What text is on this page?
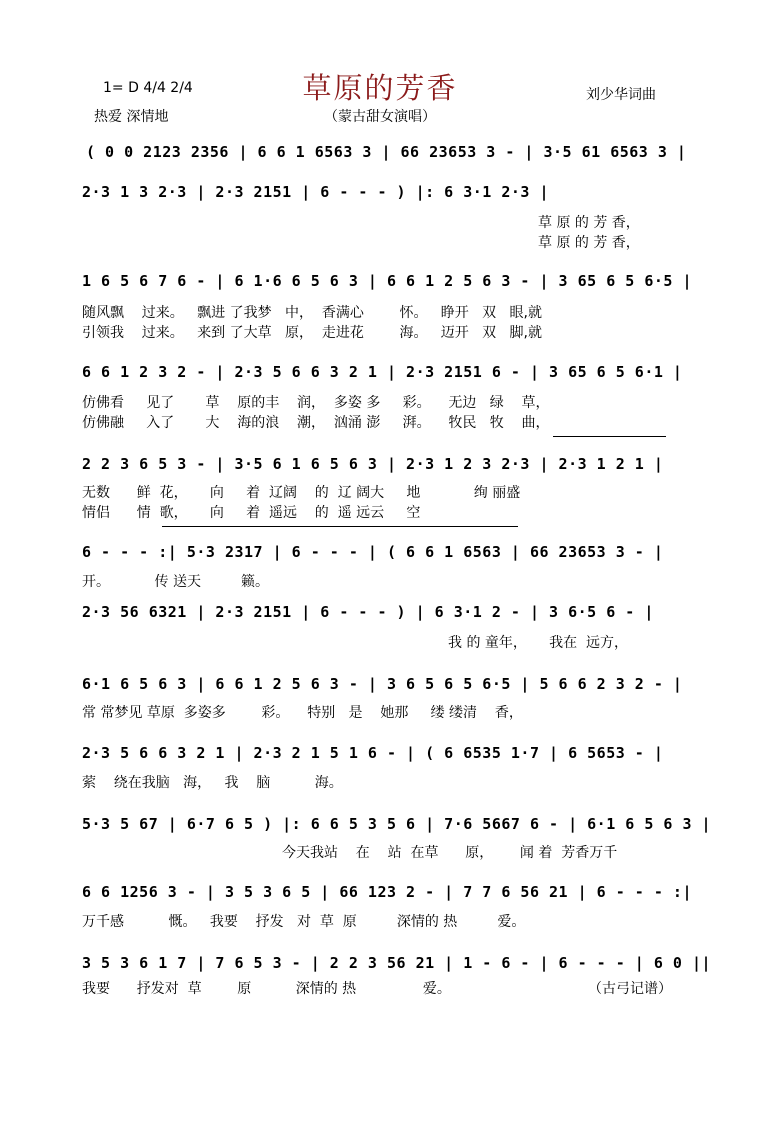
草原的芳香
（蒙古甜女演唱）
1= D 4/4 2/4
热爱 深情地
刘少华词曲
( 0 0 2123 2356 | 6 6 1 6563 3 | 66 23653 3 - | 3·5 61 6563 3 |
2·3 1 3 2·3 | 2·3 2151 | 6 - - - ) |: 6 3·1 2·3 |
1 6 5 6 7 6 - | 6 1·6 6 5 6 3 | 6 6 1 2 5 6 3 - | 3 65 6 5 6·5 |
6 6 1 2 3 2 - | 2·3 5 6 6 3 2 1 | 2·3 2151 6 - | 3 65 6 5 6·1 |
2 2 3 6 5 3 - | 3·5 6 1 6 5 6 3 | 2·3 1 2 3 2·3 | 2·3 1 2 1 |
6 - - - :| 5·3 2317 | 6 - - - | ( 6 6 1 6563 | 66 23653 3 - |
2·3 56 6321 | 2·3 2151 | 6 - - - ) | 6 3·1 2 - | 3 6·5 6 - |
6·1 6 5 6 3 | 6 6 1 2 5 6 3 - | 3 6 5 6 5 6·5 | 5 6 6 2 3 2 - |
2·3 5 6 6 3 2 1 | 2·3 2 1 5 1 6 - | ( 6 6535 1·7 | 6 5653 - |
5·3 5 67 | 6·7 6 5 ) |: 6 6 5 3 5 6 | 7·6 5667 6 - | 6·1 6 5 6 3 |
6 6 1256 3 - | 3 5 3 6 5 | 66 123 2 - | 7 7 6 56 21 | 6 - - - :|
3 5 3 6 1 7 | 7 6 5 3 - | 2 2 3 56 21 | 1 - 6 - | 6 - - - | 6 0 ||
草 原 的 芳 香，
草 原 的 芳 香，
随风飘    过来。   飘进 了我梦   中，  香满心        怀。   睁开   双   眼,就
引领我    过来。   来到 了大草   原，  走进花        海。   迈开   双   脚,就
仿佛看     见了       草    原的丰    润，  多姿 多     彩。    无边   绿    草，
仿佛融     入了       大    海的浪    潮，  汹涌 澎     湃。    牧民   牧    曲，
无数      鲜  花，     向     着  辽阔    的  辽 阔大     地            绚 丽盛
情侣      情  歌，     向     着  遥远    的  遥 远云     空
开。          传 送天         籁。
我 的 童年，     我在  远方，
常 常梦见 草原  多姿多        彩。    特别   是    她那     缕 缕清    香，
萦    绕在我脑   海，   我    脑          海。
今天我站    在    站  在草      原，      闻 着  芳香万千
万千感          慨。   我要    抒发   对  草  原         深情的 热         爱。
我要      抒发对  草        原          深情的 热               爱。	（古弓记谱）
